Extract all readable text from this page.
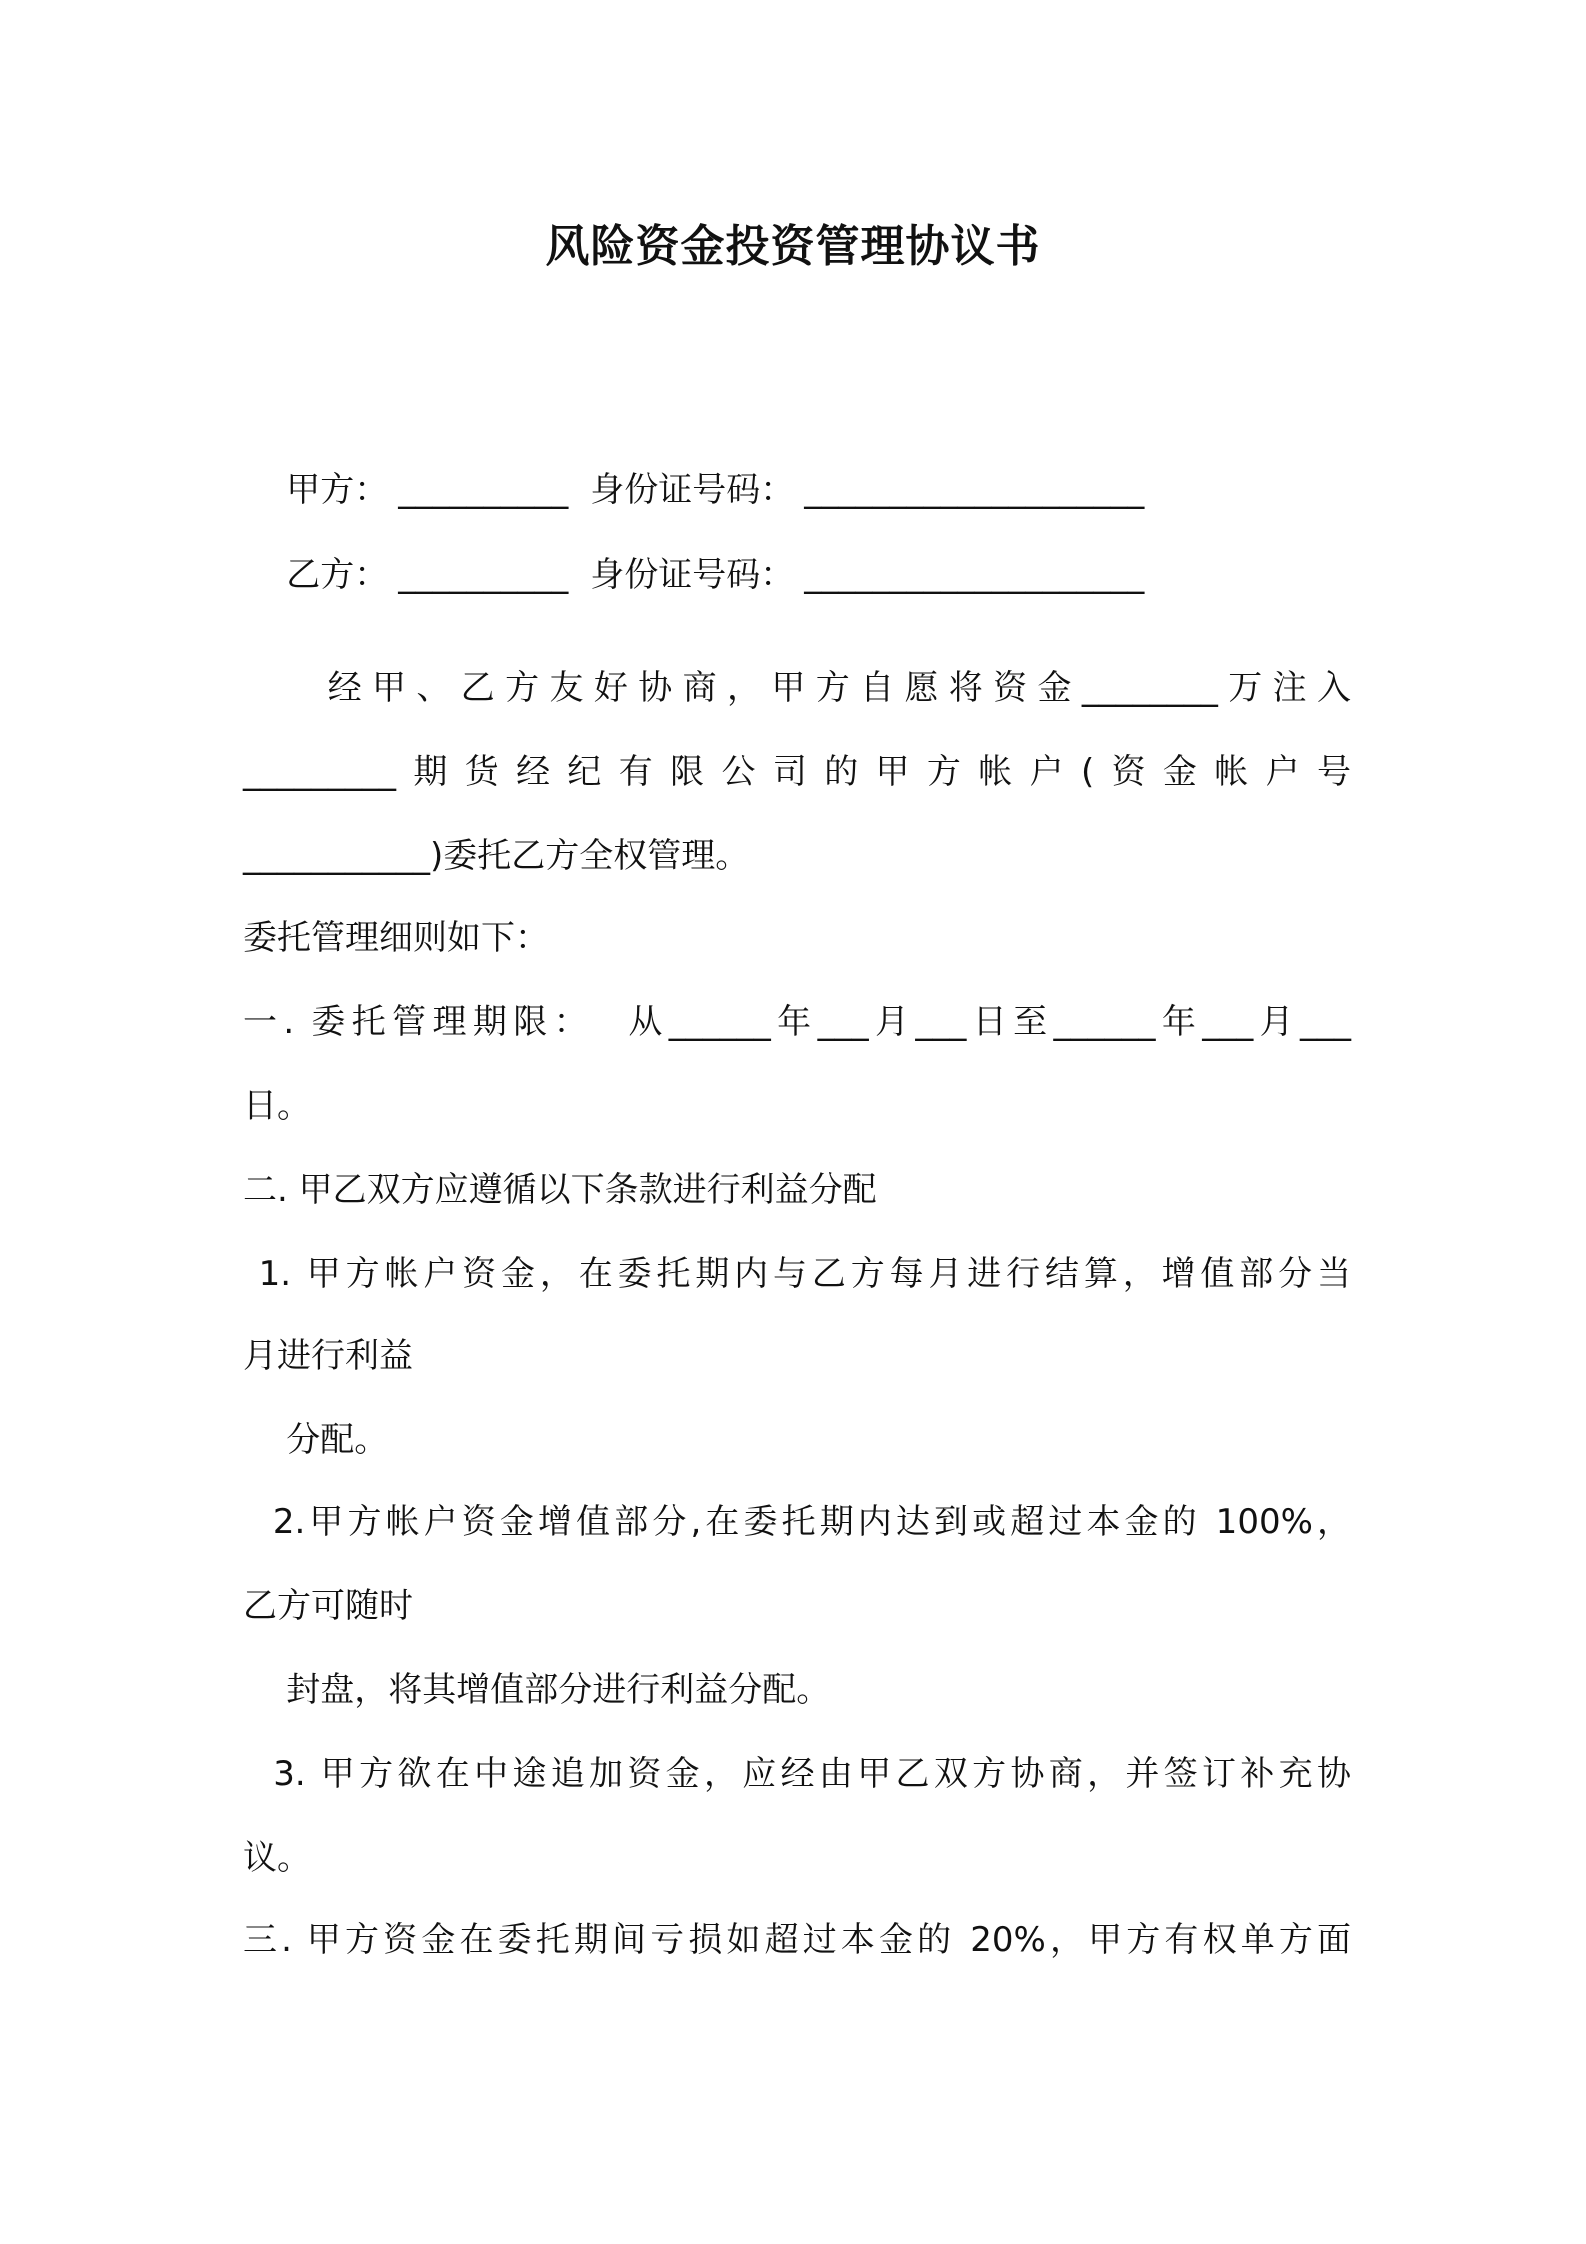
风险资金投资管理协议书

甲方： __________ 身份证号码： ____________________

乙方： __________ 身份证号码： ____________________

经甲、乙方友好协商，甲方自愿将资金________万注入
_________期货经纪有限公司的甲方帐户(资金帐户号
___________)委托乙方全权管理。
委托管理细则如下：
一. 委托管理期限：  从______年___月___日至______年___月___
日。
二. 甲乙双方应遵循以下条款进行利益分配
1. 甲方帐户资金，在委托期内与乙方每月进行结算，增值部分当
月进行利益
分配。
2.甲方帐户资金增值部分,在委托期内达到或超过本金的 100%，
乙方可随时
封盘，将其增值部分进行利益分配。
3. 甲方欲在中途追加资金，应经由甲乙双方协商，并签订补充协
议。
三. 甲方资金在委托期间亏损如超过本金的 20%，甲方有权单方面
